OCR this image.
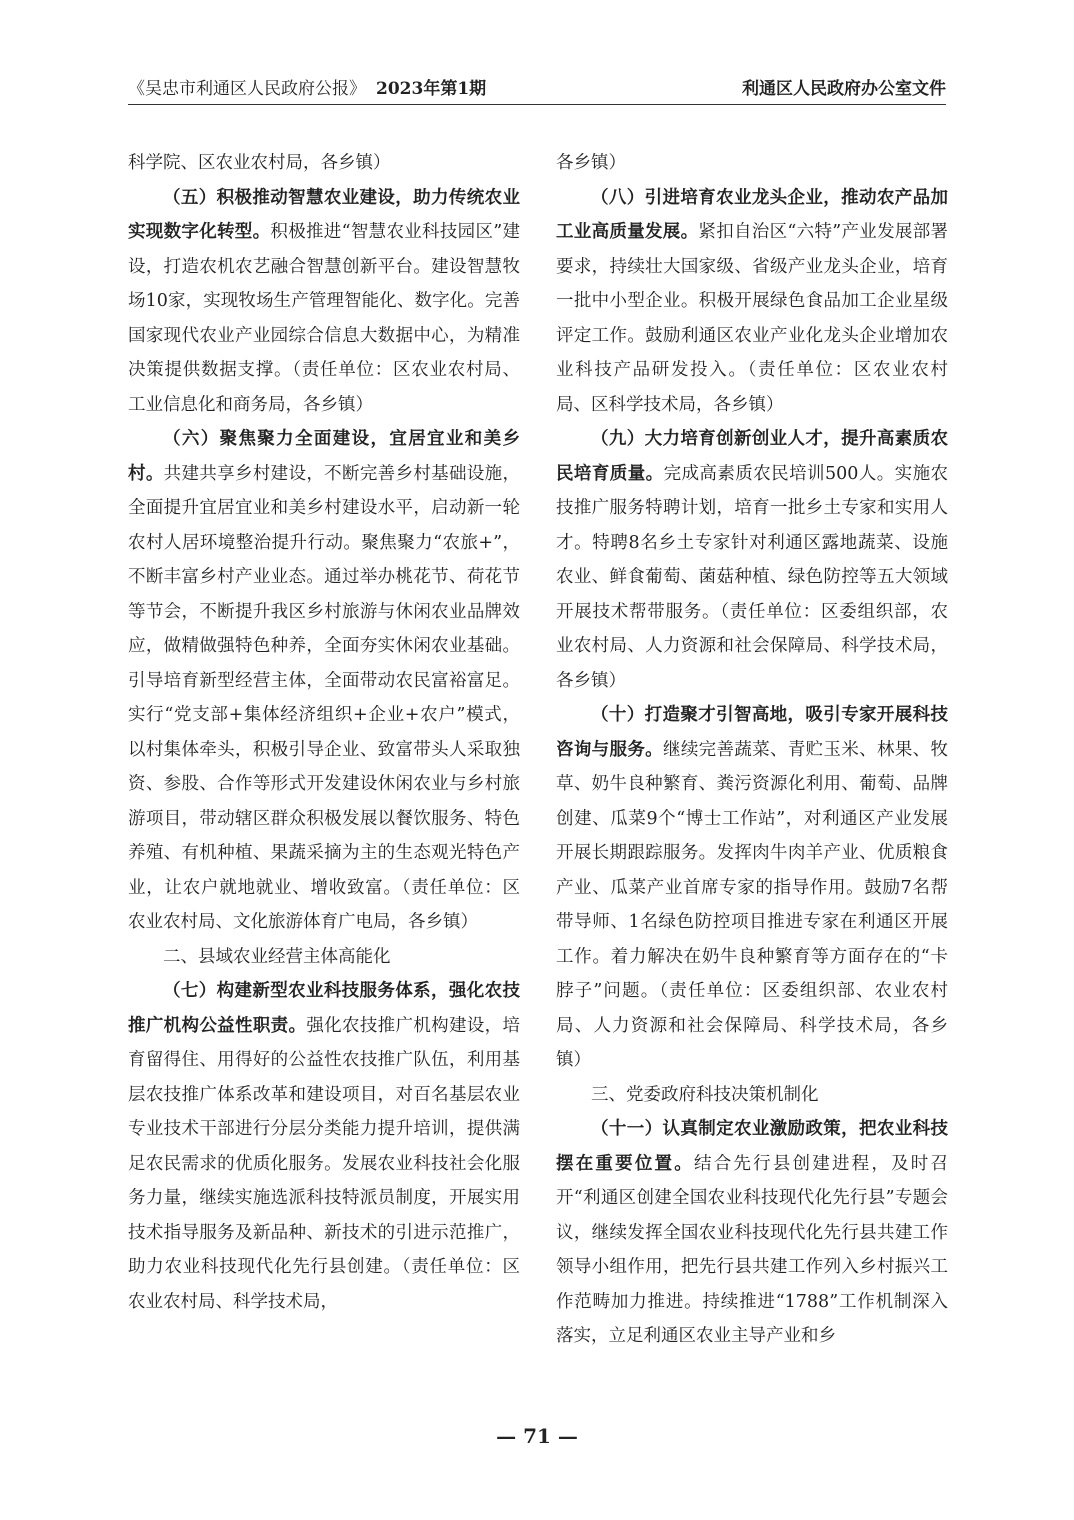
《吴忠市利通区人民政府公报》 2023年第1期	利通区人民政府办公室文件

科学院、区农业农村局，各乡镇）

（五）积极推动智慧农业建设，助力传统农业实现数字化转型。积极推进“智慧农业科技园区”建设，打造农机农艺融合智慧创新平台。建设智慧牧场10家，实现牧场生产管理智能化、数字化。完善国家现代农业产业园综合信息大数据中心，为精准决策提供数据支撑。（责任单位：区农业农村局、工业信息化和商务局，各乡镇）

（六）聚焦聚力全面建设，宜居宜业和美乡村。共建共享乡村建设，不断完善乡村基础设施，全面提升宜居宜业和美乡村建设水平，启动新一轮农村人居环境整治提升行动。聚焦聚力“农旅+”，不断丰富乡村产业业态。通过举办桃花节、荷花节等节会，不断提升我区乡村旅游与休闲农业品牌效应，做精做强特色种养，全面夯实休闲农业基础。引导培育新型经营主体，全面带动农民富裕富足。实行“党支部+集体经济组织+企业+农户”模式，以村集体牵头，积极引导企业、致富带头人采取独资、参股、合作等形式开发建设休闲农业与乡村旅游项目，带动辖区群众积极发展以餐饮服务、特色养殖、有机种植、果蔬采摘为主的生态观光特色产业，让农户就地就业、增收致富。（责任单位：区农业农村局、文化旅游体育广电局，各乡镇）

二、县域农业经营主体高能化

（七）构建新型农业科技服务体系，强化农技推广机构公益性职责。强化农技推广机构建设，培育留得住、用得好的公益性农技推广队伍，利用基层农技推广体系改革和建设项目，对百名基层农业专业技术干部进行分层分类能力提升培训，提供满足农民需求的优质化服务。发展农业科技社会化服务力量，继续实施选派科技特派员制度，开展实用技术指导服务及新品种、新技术的引进示范推广，助力农业科技现代化先行县创建。（责任单位：区农业农村局、科学技术局，

各乡镇）

（八）引进培育农业龙头企业，推动农产品加工业高质量发展。紧扣自治区“六特”产业发展部署要求，持续壮大国家级、省级产业龙头企业，培育一批中小型企业。积极开展绿色食品加工企业星级评定工作。鼓励利通区农业产业化龙头企业增加农业科技产品研发投入。（责任单位：区农业农村局、区科学技术局，各乡镇）

（九）大力培育创新创业人才，提升高素质农民培育质量。完成高素质农民培训500人。实施农技推广服务特聘计划，培育一批乡土专家和实用人才。特聘8名乡土专家针对利通区露地蔬菜、设施农业、鲜食葡萄、菌菇种植、绿色防控等五大领域开展技术帮带服务。（责任单位：区委组织部，农业农村局、人力资源和社会保障局、科学技术局，各乡镇）

（十）打造聚才引智高地，吸引专家开展科技咨询与服务。继续完善蔬菜、青贮玉米、林果、牧草、奶牛良种繁育、粪污资源化利用、葡萄、品牌创建、瓜菜9个“博士工作站”，对利通区产业发展开展长期跟踪服务。发挥肉牛肉羊产业、优质粮食产业、瓜菜产业首席专家的指导作用。鼓励7名帮带导师、1名绿色防控项目推进专家在利通区开展工作。着力解决在奶牛良种繁育等方面存在的“卡脖子”问题。（责任单位：区委组织部、农业农村局、人力资源和社会保障局、科学技术局，各乡镇）

三、党委政府科技决策机制化

（十一）认真制定农业激励政策，把农业科技摆在重要位置。结合先行县创建进程，及时召开“利通区创建全国农业科技现代化先行县”专题会议，继续发挥全国农业科技现代化先行县共建工作领导小组作用，把先行县共建工作列入乡村振兴工作范畴加力推进。持续推进“1788”工作机制深入落实，立足利通区农业主导产业和乡

— 71 —
